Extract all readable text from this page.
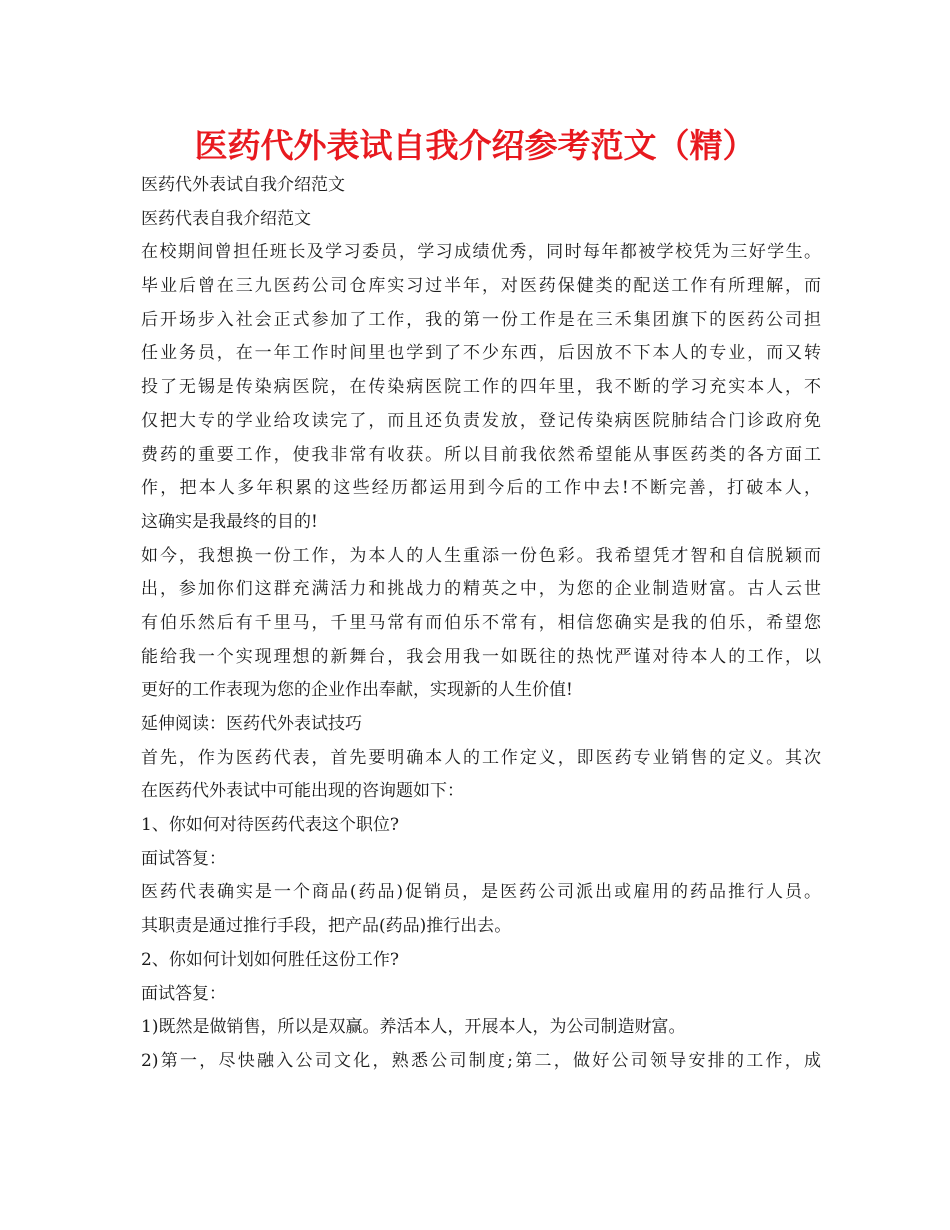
医药代外表试自我介绍参考范文（精）
医药代外表试自我介绍范文
医药代表自我介绍范文
在校期间曾担任班长及学习委员，学习成绩优秀，同时每年都被学校凭为三好学生。
毕业后曾在三九医药公司仓库实习过半年，对医药保健类的配送工作有所理解，而
后开场步入社会正式参加了工作，我的第一份工作是在三禾集团旗下的医药公司担
任业务员，在一年工作时间里也学到了不少东西，后因放不下本人的专业，而又转
投了无锡是传染病医院，在传染病医院工作的四年里，我不断的学习充实本人，不
仅把大专的学业给攻读完了，而且还负责发放，登记传染病医院肺结合门诊政府免
费药的重要工作，使我非常有收获。所以目前我依然希望能从事医药类的各方面工
作，把本人多年积累的这些经历都运用到今后的工作中去!不断完善，打破本人，
这确实是我最终的目的!
如今，我想换一份工作，为本人的人生重添一份色彩。我希望凭才智和自信脱颖而
出，参加你们这群充满活力和挑战力的精英之中，为您的企业制造财富。古人云世
有伯乐然后有千里马，千里马常有而伯乐不常有，相信您确实是我的伯乐，希望您
能给我一个实现理想的新舞台，我会用我一如既往的热忱严谨对待本人的工作，以
更好的工作表现为您的企业作出奉献，实现新的人生价值!
延伸阅读：医药代外表试技巧
首先，作为医药代表，首先要明确本人的工作定义，即医药专业销售的定义。其次
在医药代外表试中可能出现的咨询题如下：
1、你如何对待医药代表这个职位?
面试答复：
医药代表确实是一个商品(药品)促销员，是医药公司派出或雇用的药品推行人员。
其职责是通过推行手段，把产品(药品)推行出去。
2、你如何计划如何胜任这份工作?
面试答复：
1)既然是做销售，所以是双赢。养活本人，开展本人，为公司制造财富。
2)第一，尽快融入公司文化，熟悉公司制度;第二，做好公司领导安排的工作，成
